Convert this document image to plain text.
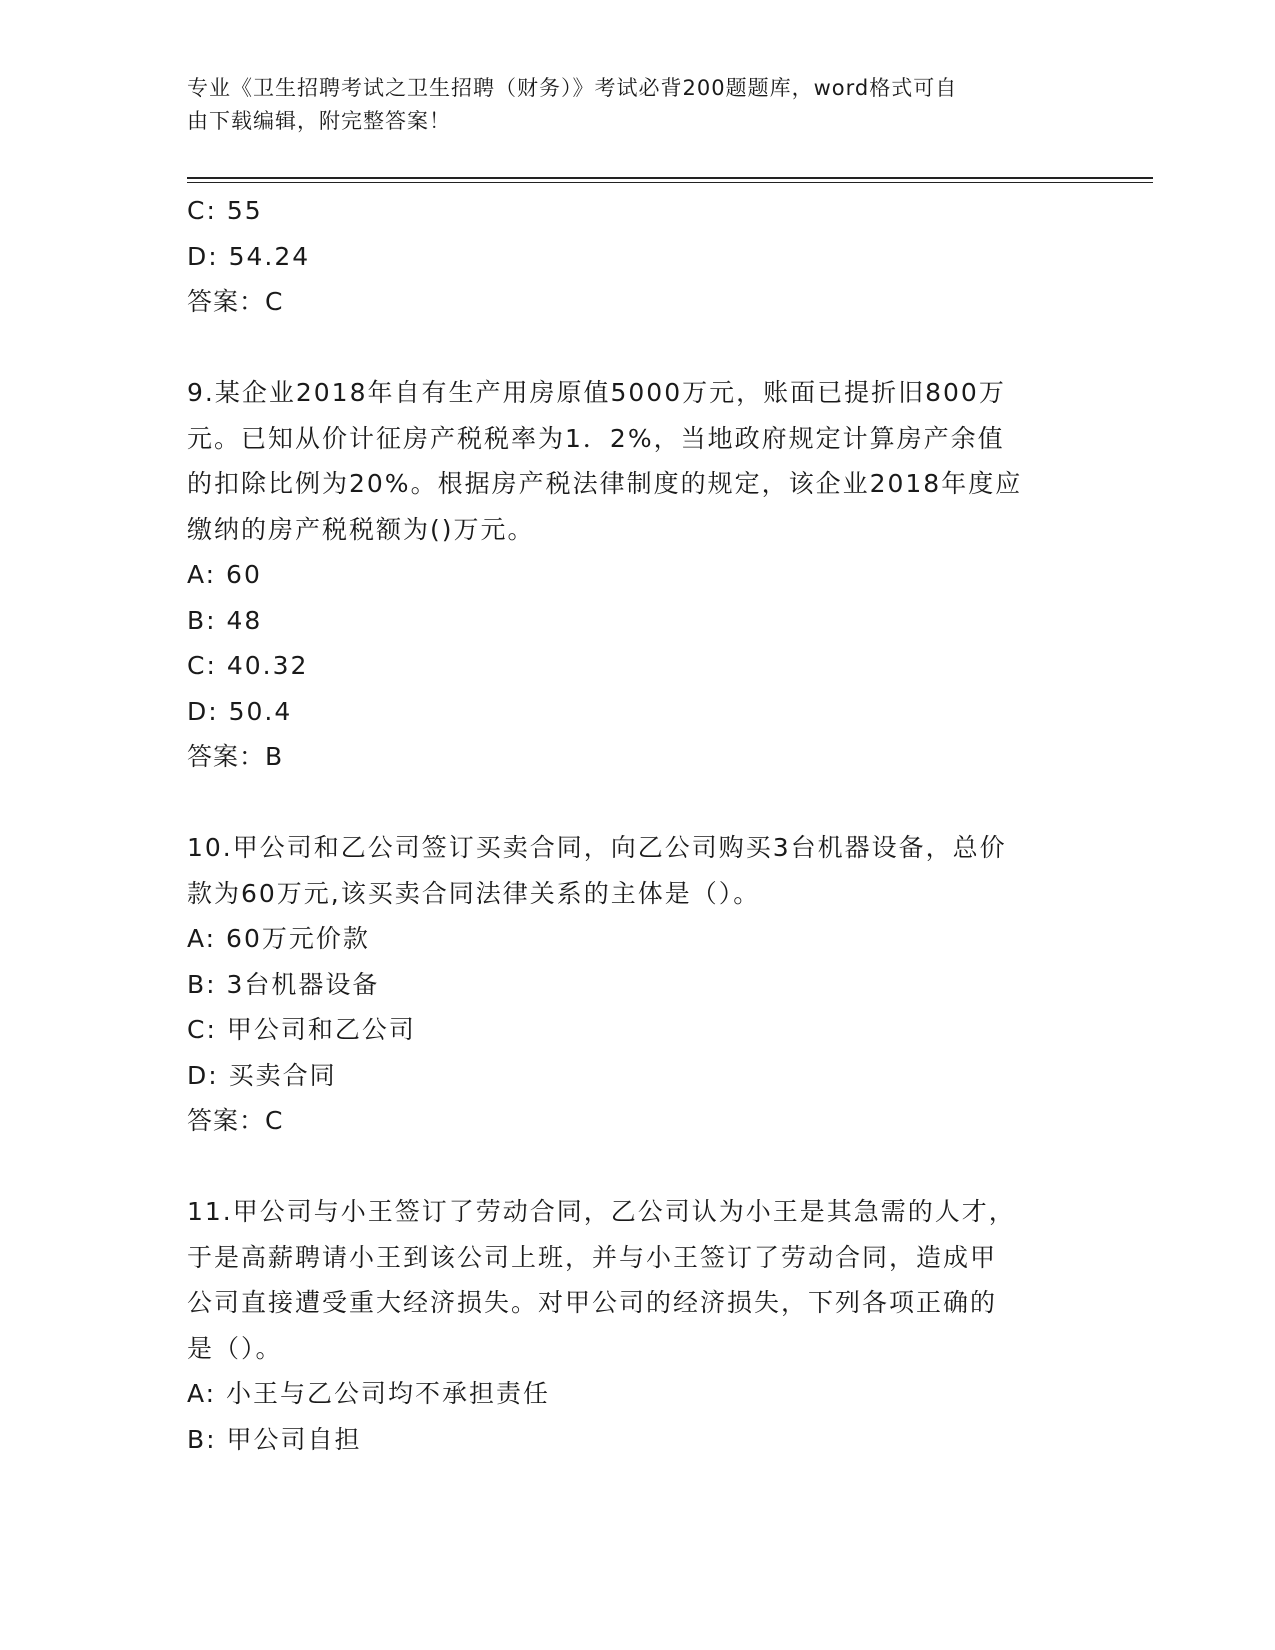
专业《卫生招聘考试之卫生招聘（财务）》考试必背200题题库，word格式可自
由下载编辑，附完整答案！
C: 55
D: 54.24
答案：C
9.某企业2018年自有生产用房原值5000万元，账面已提折旧800万
元。已知从价计征房产税税率为1．2%，当地政府规定计算房产余值
的扣除比例为20%。根据房产税法律制度的规定，该企业2018年度应
缴纳的房产税税额为()万元。
A: 60
B: 48
C: 40.32
D: 50.4
答案：B
10.甲公司和乙公司签订买卖合同，向乙公司购买3台机器设备，总价
款为60万元,该买卖合同法律关系的主体是（）。
A: 60万元价款
B: 3台机器设备
C: 甲公司和乙公司
D: 买卖合同
答案：C
11.甲公司与小王签订了劳动合同，乙公司认为小王是其急需的人才，
于是高薪聘请小王到该公司上班，并与小王签订了劳动合同，造成甲
公司直接遭受重大经济损失。对甲公司的经济损失，下列各项正确的
是（）。
A: 小王与乙公司均不承担责任
B: 甲公司自担
